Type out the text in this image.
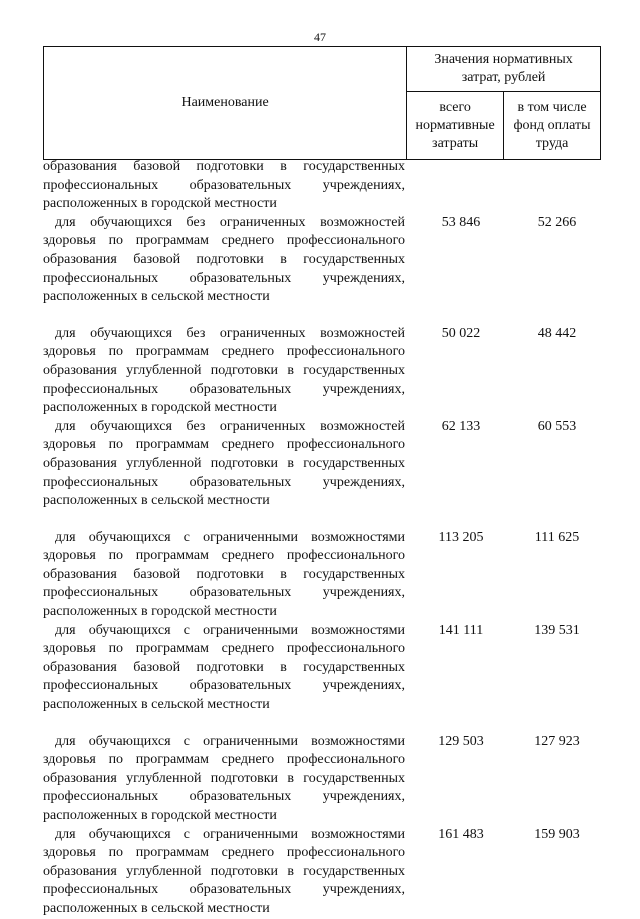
47
Наименование	Значения нормативных затрат, рублей	

	всего нормативные затраты	в том числе фонд оплаты труда

образования базовой подготовки в государственных профессиональных образовательных учреждениях, расположенных в городской местности

для обучающихся без ограниченных возможностей здоровья по программам среднего профессионального образования базовой подготовки в государственных профессиональных образовательных учреждениях, расположенных в сельской местности

53 846	52 266

для обучающихся без ограниченных возможностей здоровья по программам среднего профессионального образования углубленной подготовки в государственных профессиональных образовательных учреждениях, расположенных в городской местности

50 022	48 442

для обучающихся без ограниченных возможностей здоровья по программам среднего профессионального образования углубленной подготовки в государственных профессиональных образовательных учреждениях, расположенных в сельской местности

62 133	60 553

для обучающихся с ограниченными возможностями здоровья по программам среднего профессионального образования базовой подготовки в государственных профессиональных образовательных учреждениях, расположенных в городской местности

113 205	111 625

для обучающихся с ограниченными возможностями здоровья по программам среднего профессионального образования базовой подготовки в государственных профессиональных образовательных учреждениях, расположенных в сельской местности

141 111	139 531

для обучающихся с ограниченными возможностями здоровья по программам среднего профессионального образования углубленной подготовки в государственных профессиональных образовательных учреждениях, расположенных в городской местности

129 503	127 923

для обучающихся с ограниченными возможностями здоровья по программам среднего профессионального образования углубленной подготовки в государственных профессиональных образовательных учреждениях, расположенных в сельской местности

161 483	159 903
